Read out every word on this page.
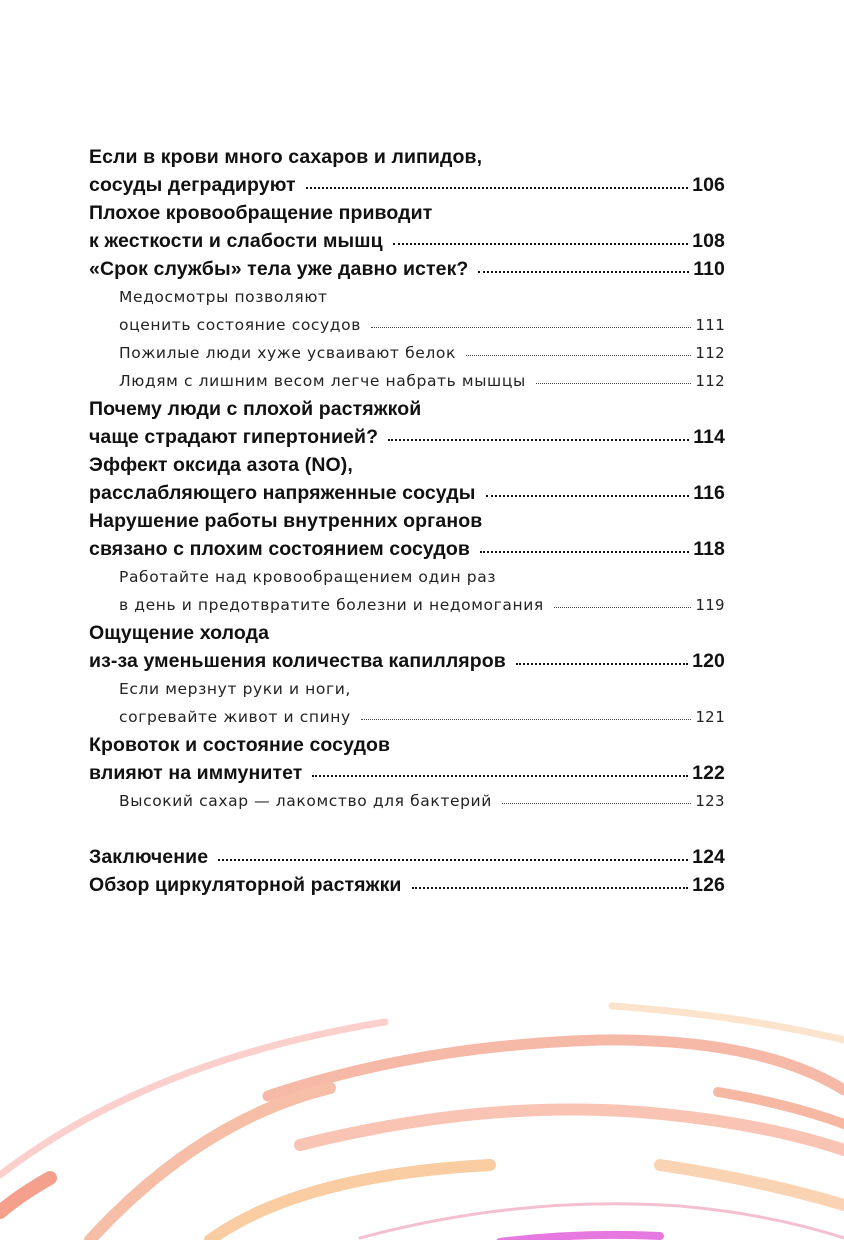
Если в крови много сахаров и липидов,
сосуды деградируют	106
Плохое кровообращение приводит
к жесткости и слабости мышц	108
«Срок службы» тела уже давно истек?	110
Медосмотры позволяют
оценить состояние сосудов	111
Пожилые люди хуже усваивают белок	112
Людям с лишним весом легче набрать мышцы	112
Почему люди с плохой растяжкой
чаще страдают гипертонией?	114
Эффект оксида азота (NO),
расслабляющего напряженные сосуды	116
Нарушение работы внутренних органов
связано с плохим состоянием сосудов	118
Работайте над кровообращением один раз
в день и предотвратите болезни и недомогания	119
Ощущение холода
из-за уменьшения количества капилляров	120
Если мерзнут руки и ноги,
согревайте живот и спину	121
Кровоток и состояние сосудов
влияют на иммунитет	122
Высокий сахар — лакомство для бактерий	123
Заключение	124
Обзор циркуляторной растяжки	126
